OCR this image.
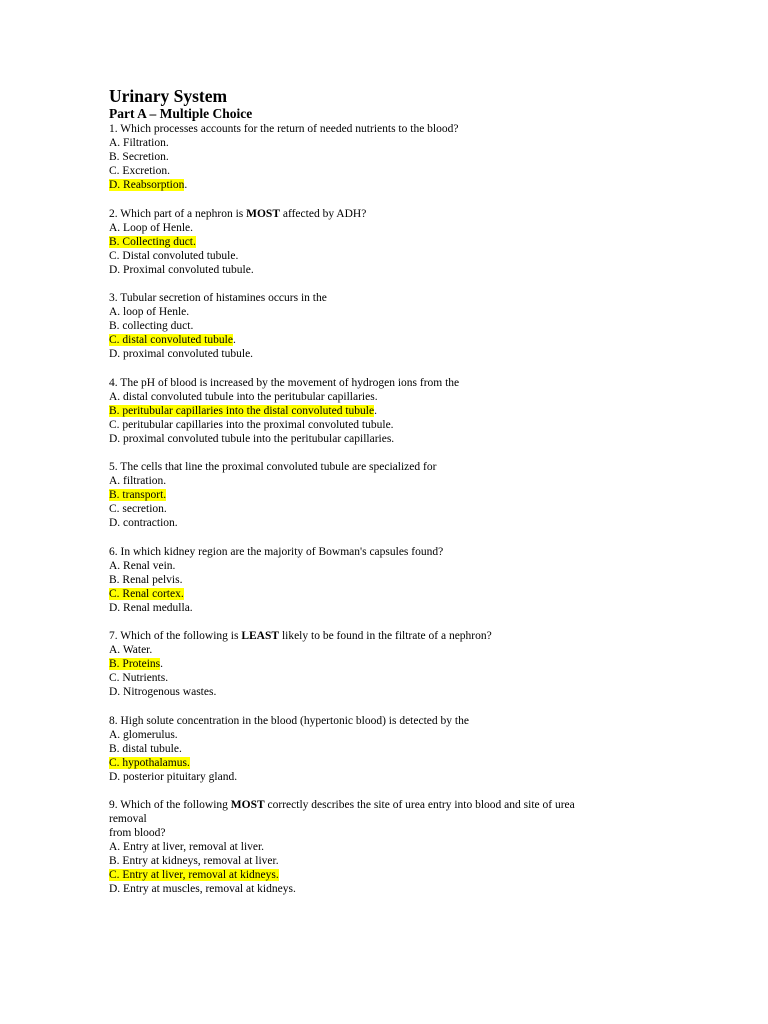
Urinary System
Part A – Multiple Choice
1. Which processes accounts for the return of needed nutrients to the blood?
A. Filtration.
B. Secretion.
C. Excretion.
D. Reabsorption.
2. Which part of a nephron is MOST affected by ADH?
A. Loop of Henle.
B. Collecting duct.
C. Distal convoluted tubule.
D. Proximal convoluted tubule.
3. Tubular secretion of histamines occurs in the
A. loop of Henle.
B. collecting duct.
C. distal convoluted tubule.
D. proximal convoluted tubule.
4. The pH of blood is increased by the movement of hydrogen ions from the
A. distal convoluted tubule into the peritubular capillaries.
B. peritubular capillaries into the distal convoluted tubule.
C. peritubular capillaries into the proximal convoluted tubule.
D. proximal convoluted tubule into the peritubular capillaries.
5. The cells that line the proximal convoluted tubule are specialized for
A. filtration.
B. transport.
C. secretion.
D. contraction.
6. In which kidney region are the majority of Bowman's capsules found?
A. Renal vein.
B. Renal pelvis.
C. Renal cortex.
D. Renal medulla.
7. Which of the following is LEAST likely to be found in the filtrate of a nephron?
A. Water.
B. Proteins.
C. Nutrients.
D. Nitrogenous wastes.
8. High solute concentration in the blood (hypertonic blood) is detected by the
A. glomerulus.
B. distal tubule.
C. hypothalamus.
D. posterior pituitary gland.
9. Which of the following MOST correctly describes the site of urea entry into blood and site of urea
removal
from blood?
A. Entry at liver, removal at liver.
B. Entry at kidneys, removal at liver.
C. Entry at liver, removal at kidneys.
D. Entry at muscles, removal at kidneys.
